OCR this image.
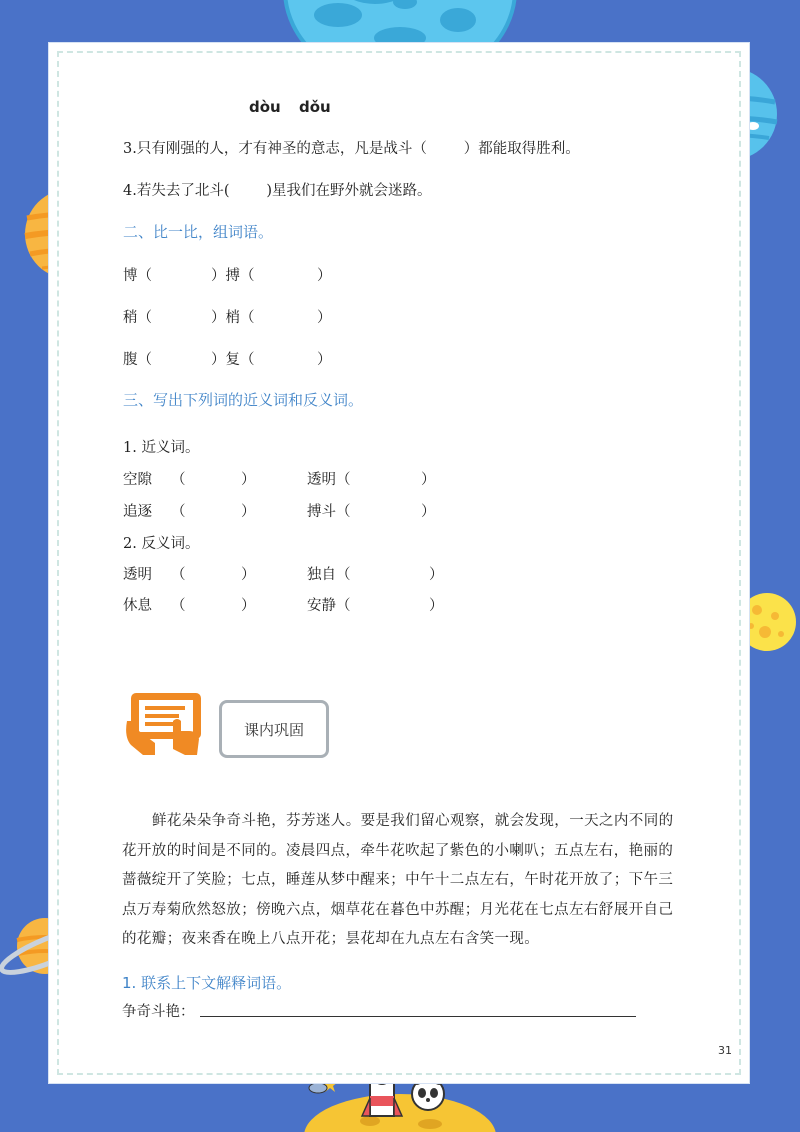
dòu dǒu
3.只有刚强的人，才有神圣的意志，凡是战斗（        ）都能取得胜利。
4.若失去了北斗(        )星我们在野外就会迷路。
二、比一比，组词语。
博（	）搏（	）
稍（	）梢（	）
腹（	）复（	）
三、写出下列词的近义词和反义词。
1. 近义词。
空隙 （	）	透明（	）
追逐 （	）	搏斗（	）
2. 反义词。
透明 （	）	独自（	）
休息 （	）	安静（	）
课内巩固
鲜花朵朵争奇斗艳，芬芳迷人。要是我们留心观察，就会发现，一天之内不同的花开放的时间是不同的。凌晨四点，牵牛花吹起了紫色的小喇叭；五点左右，艳丽的蔷薇绽开了笑脸；七点，睡莲从梦中醒来；中午十二点左右，午时花开放了；下午三点万寿菊欣然怒放；傍晚六点，烟草花在暮色中苏醒；月光花在七点左右舒展开自己的花瓣；夜来香在晚上八点开花；昙花却在九点左右含笑一现。
1. 联系上下文解释词语。
争奇斗艳：
31
